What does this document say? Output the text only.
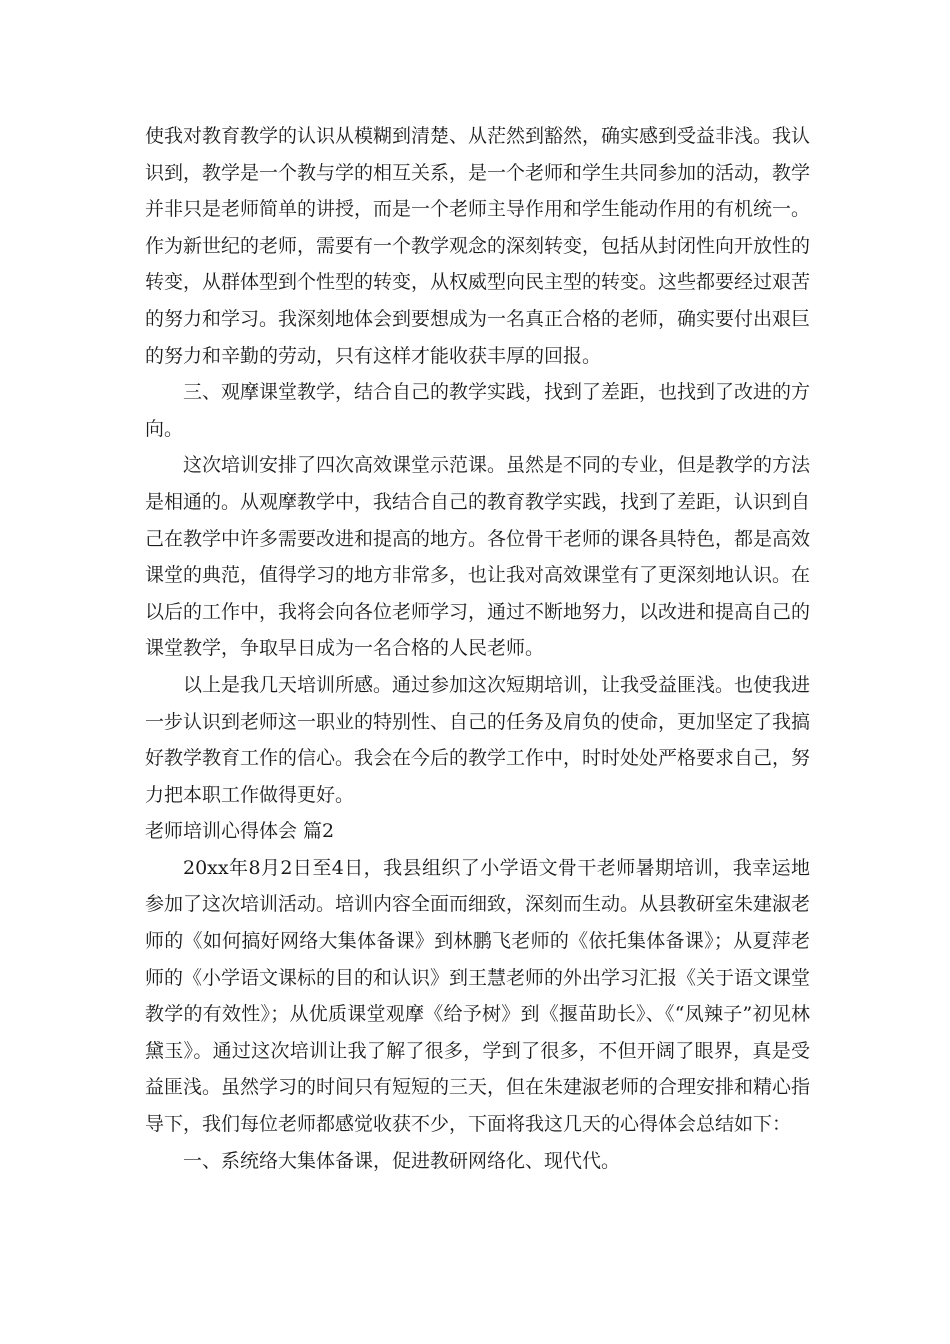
使我对教育教学的认识从模糊到清楚、从茫然到豁然，确实感到受益非浅。我认识到，教学是一个教与学的相互关系，是一个老师和学生共同参加的活动，教学并非只是老师简单的讲授，而是一个老师主导作用和学生能动作用的有机统一。作为新世纪的老师，需要有一个教学观念的深刻转变，包括从封闭性向开放性的转变，从群体型到个性型的转变，从权威型向民主型的转变。这些都要经过艰苦的努力和学习。我深刻地体会到要想成为一名真正合格的老师，确实要付出艰巨的努力和辛勤的劳动，只有这样才能收获丰厚的回报。

三、观摩课堂教学，结合自己的教学实践，找到了差距，也找到了改进的方向。

这次培训安排了四次高效课堂示范课。虽然是不同的专业，但是教学的方法是相通的。从观摩教学中，我结合自己的教育教学实践，找到了差距，认识到自己在教学中许多需要改进和提高的地方。各位骨干老师的课各具特色，都是高效课堂的典范，值得学习的地方非常多，也让我对高效课堂有了更深刻地认识。在以后的工作中，我将会向各位老师学习，通过不断地努力，以改进和提高自己的课堂教学，争取早日成为一名合格的人民老师。

以上是我几天培训所感。通过参加这次短期培训，让我受益匪浅。也使我进一步认识到老师这一职业的特别性、自己的任务及肩负的使命，更加坚定了我搞好教学教育工作的信心。我会在今后的教学工作中，时时处处严格要求自己，努力把本职工作做得更好。

老师培训心得体会 篇2

20xx年8月2日至4日，我县组织了小学语文骨干老师暑期培训，我幸运地参加了这次培训活动。培训内容全面而细致，深刻而生动。从县教研室朱建淑老师的《如何搞好网络大集体备课》到林鹏飞老师的《依托集体备课》；从夏萍老师的《小学语文课标的目的和认识》到王慧老师的外出学习汇报《关于语文课堂教学的有效性》；从优质课堂观摩《给予树》到《揠苗助长》、《“凤辣子”初见林黛玉》。通过这次培训让我了解了很多，学到了很多，不但开阔了眼界，真是受益匪浅。虽然学习的时间只有短短的三天，但在朱建淑老师的合理安排和精心指导下，我们每位老师都感觉收获不少，下面将我这几天的心得体会总结如下：

一、系统络大集体备课，促进教研网络化、现代代。
